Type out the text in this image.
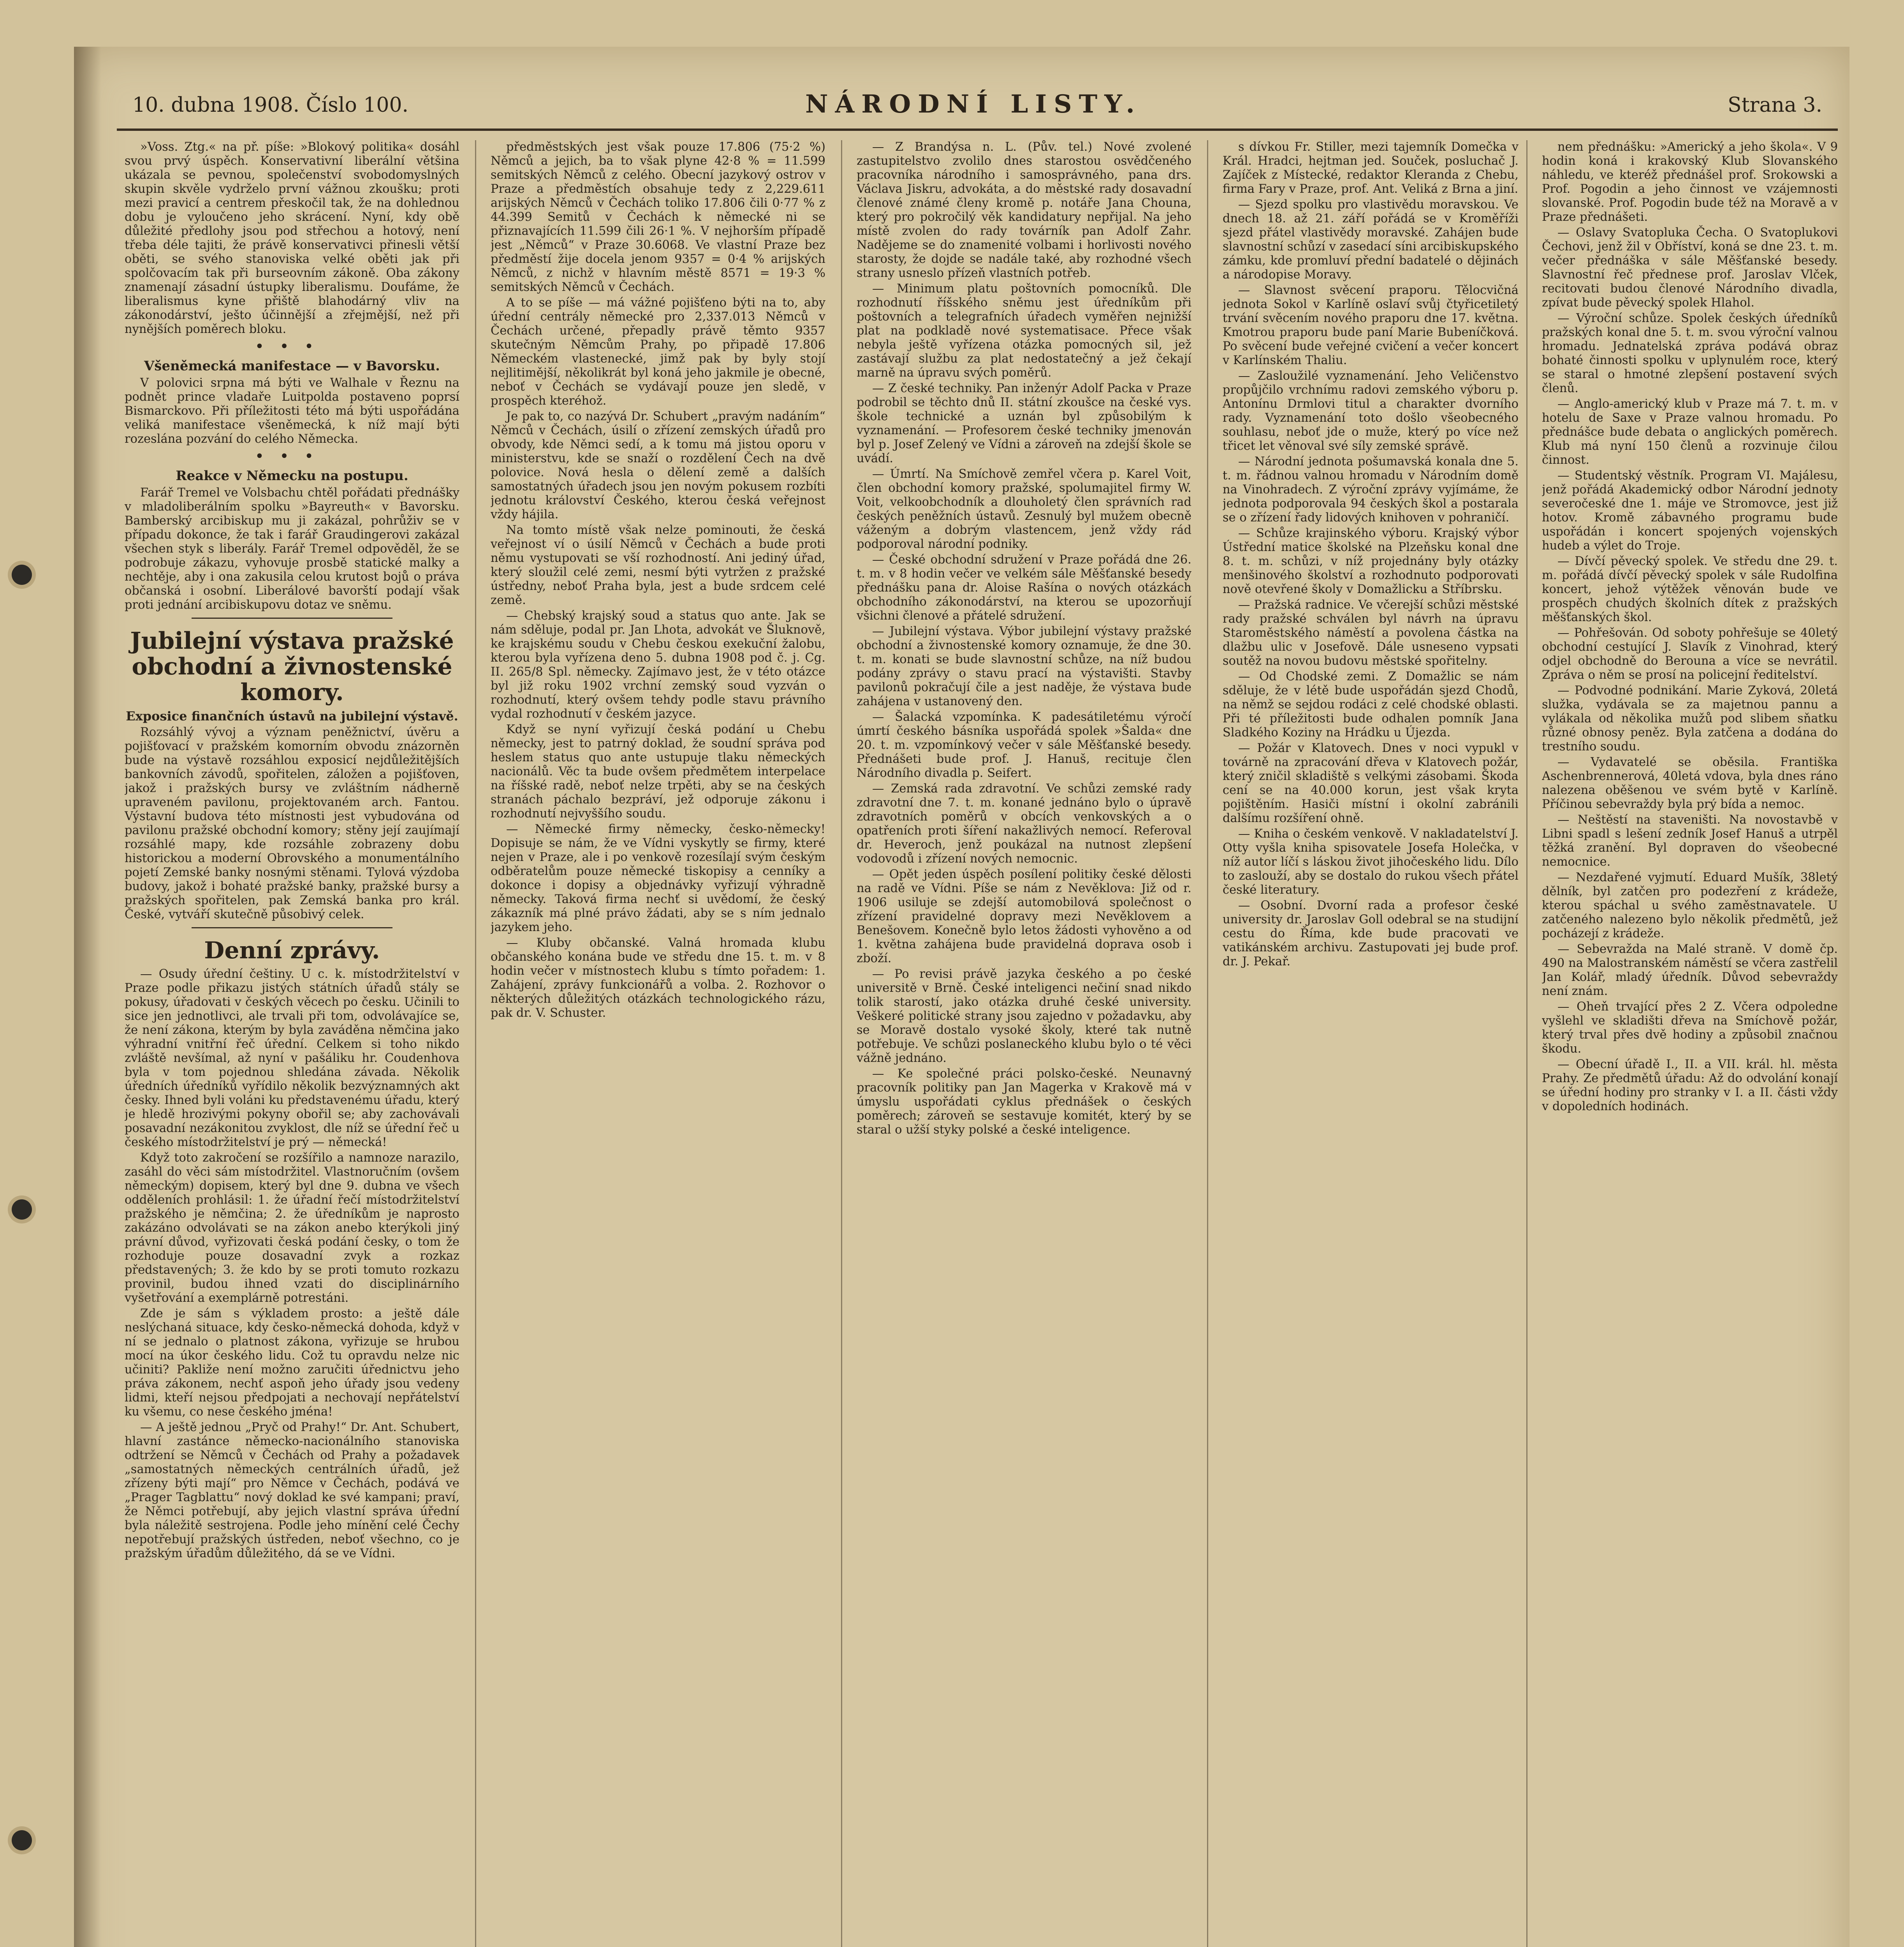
10. dubna 1908. Číslo 100.	NÁRODNÍ LISTY.	Strana 3.

»Voss. Ztg.« na př. píše: »Blokový politika« dosáhl svou prvý úspěch. Konservativní liberální většina ukázala se pevnou, společenství svobodomyslných skupin skvěle vydrželo první vážnou zkoušku; proti mezi pravicí a centrem přeskočil tak, že na dohlednou dobu je vyloučeno jeho skrácení. Nyní, kdy obě důležité předlohy jsou pod střechou a hotový, není třeba déle tajiti, že právě konservativci přinesli větší oběti, se svého stanoviska velké oběti jak při spolčovacím tak při burseovním zákoně. Oba zákony znamenají zásadní ústupky liberalismu. Doufáme, že liberalismus kyne přiště blahodárný vliv na zákonodárství, ješto účinnější a zřejmější, než při nynějších poměrech bloku.

•••
Všeněmecká manifestace — v Bavorsku.

V polovici srpna má býti ve Walhale v Řeznu na podnět prince vladaře Luitpolda postaveno poprsí Bismarckovo. Při příležitosti této má býti uspořádána veliká manifestace všeněmecká, k níž mají býti rozeslána pozvání do celého Německa.

•••
Reakce v Německu na postupu.

Farář Tremel ve Volsbachu chtěl pořádati přednášky v mladoliberálním spolku »Bayreuth« v Bavorsku. Bamberský arcibiskup mu ji zakázal, pohrůživ se v případu dokonce, že tak i farář Graudingerovi zakázal všechen styk s liberály. Farář Tremel odpověděl, že se podrobuje zákazu, vyhovuje prosbě statické malky a nechtěje, aby i ona zakusila celou krutost bojů o práva občanská i osobní. Liberálové bavorští podají však proti jednání arcibiskupovu dotaz ve sněmu.

Jubilejní výstava pražské obchodní a živnostenské komory.
Exposice finančních ústavů na jubilejní výstavě.

Rozsáhlý vývoj a význam peněžnictví, úvěru a pojišťovací v pražském komorním obvodu znázorněn bude na výstavě rozsáhlou exposicí nejdůležitějších bankovních závodů, spořitelen, záložen a pojišťoven, jakož i pražských bursy ve zvláštním nádherně upraveném pavilonu, projektovaném arch. Fantou. Výstavní budova této místnosti jest vybudována od pavilonu pražské obchodní komory; stěny její zaujímají rozsáhlé mapy, kde rozsáhle zobrazeny dobu historickou a moderní Obrovského a monumentálního pojetí Zemské banky nosnými stěnami. Tylová výzdoba budovy, jakož i bohaté pražské banky, pražské bursy a pražských spořitelen, pak Zemská banka pro král. České, vytváří skutečně působivý celek.

Denní zprávy.

— Osudy úřední češtiny. U c. k. místodržitelství v Praze podle přikazu jistých státních úřadů stály se pokusy, úřadovati v českých věcech po česku. Učinili to sice jen jednotlivci, ale trvali při tom, odvolávajíce se, že není zákona, kterým by byla zaváděna němčina jako výhradní vnitřní řeč úřední. Celkem si toho nikdo zvláště nevšímal, až nyní v pašáliku hr. Coudenhova byla v tom pojednou shledána závada. Několik úředních úředníků vyřídilo několik bezvýznamných akt česky. Ihned byli voláni ku představenému úřadu, který je hledě hrozivými pokyny obořil se; aby zachovávali posavadní nezákonitou zvyklost, dle níž se úřední řeč u českého místodržitelství je prý — německá!

Když toto zakročení se rozšířilo a namnoze narazilo, zasáhl do věci sám místodržitel. Vlastnoručním (ovšem německým) dopisem, který byl dne 9. dubna ve všech odděleních prohlásil: 1. že úřadní řečí místodržitelství pražského je němčina; 2. že úředníkům je naprosto zakázáno odvolávati se na zákon anebo kterýkoli jiný právní důvod, vyřizovati česká podání česky, o tom že rozhoduje pouze dosavadní zvyk a rozkaz představených; 3. že kdo by se proti tomuto rozkazu provinil, budou ihned vzati do disciplinárního vyšetřování a exemplárně potrestáni.

Zde je sám s výkladem prosto: a ještě dále neslýchaná situace, kdy česko-německá dohoda, když v ní se jednalo o platnost zákona, vyřizuje se hrubou mocí na úkor českého lidu. Což tu opravdu nelze nic učiniti? Pakliže není možno zaručiti úřednictvu jeho práva zákonem, nechť aspoň jeho úřady jsou vedeny lidmi, kteří nejsou předpojati a nechovají nepřátelství ku všemu, co nese českého jména!

— A ještě jednou „Pryč od Prahy!“ Dr. Ant. Schubert, hlavní zastánce německo-nacionálního stanoviska odtržení se Němců v Čechách od Prahy a požadavek „samostatných německých centrálních úřadů, jež zřízeny býti mají“ pro Němce v Čechách, podává ve „Prager Tagblattu“ nový doklad ke své kampani; praví, že Němci potřebují, aby jejich vlastní správa úřední byla náležitě sestrojena. Podle jeho mínění celé Čechy nepotřebují pražských ústředen, neboť všechno, co je pražským úřadům důležitého, dá se ve Vídni.

předměstských jest však pouze 17.806 (75·2 %) Němců a jejich, ba to však plyne 42·8 % = 11.599 semitských Němců z celého. Obecní jazykový ostrov v Praze a předměstích obsahuje tedy z 2,229.611 arijských Němců v Čechách toliko 17.806 čili 0·77 % z 44.399 Semitů v Čechách k německé ni se přiznavajících 11.599 čili 26·1 %. V nejhorším případě jest „Němců“ v Praze 30.6068. Ve vlastní Praze bez předměstí žije docela jenom 9357 = 0·4 % arijských Němců, z nichž v hlavním městě 8571 = 19·3 % semitských Němců v Čechách.

A to se píše — má vážné pojišťeno býti na to, aby úřední centrály německé pro 2,337.013 Němců v Čechách určené, přepadly právě těmto 9357 skutečným Němcům Prahy, po připadě 17.806 Německém vlastenecké, jimž pak by byly stojí nejlitimější, několikrát byl koná jeho jakmile je obecné, neboť v Čechách se vydávají pouze jen sledě, v prospěch kteréhož.

Je pak to, co nazývá Dr. Schubert „pravým nadáním“ Němců v Čechách, úsilí o zřízení zemských úřadů pro obvody, kde Němci sedí, a k tomu má jistou oporu v ministerstvu, kde se snaží o rozdělení Čech na dvě polovice. Nová hesla o dělení země a dalších samostatných úřadech jsou jen novým pokusem rozbíti jednotu království Českého, kterou česká veřejnost vždy hájila.

Na tomto místě však nelze pominouti, že česká veřejnost ví o úsilí Němců v Čechách a bude proti němu vystupovati se vší rozhodností. Ani jediný úřad, který sloužil celé zemi, nesmí býti vytržen z pražské ústředny, neboť Praha byla, jest a bude srdcem celé země.

— Chebský krajský soud a status quo ante. Jak se nám sděluje, podal pr. Jan Lhota, advokát ve Šluknově, ke krajskému soudu v Chebu českou exekuční žalobu, kterou byla vyřízena deno 5. dubna 1908 pod č. j. Cg. II. 265/8 Spl. německy. Zajímavo jest, že v této otázce byl již roku 1902 vrchní zemský soud vyzván o rozhodnutí, který ovšem tehdy podle stavu právního vydal rozhodnutí v českém jazyce.

Když se nyní vyřizují česká podání u Chebu německy, jest to patrný doklad, že soudní správa pod heslem status quo ante ustupuje tlaku německých nacionálů. Věc ta bude ovšem předmětem interpelace na říšské radě, neboť nelze trpěti, aby se na českých stranách páchalo bezpráví, jež odporuje zákonu i rozhodnutí nejvyššího soudu.

— Německé firmy německy, česko-německy! Dopisuje se nám, že ve Vídni vyskytly se firmy, které nejen v Praze, ale i po venkově rozesílají svým českým odběratelům pouze německé tiskopisy a cenníky a dokonce i dopisy a objednávky vyřizují výhradně německy. Taková firma nechť si uvědomí, že český zákazník má plné právo žádati, aby se s ním jednalo jazykem jeho.

— Kluby občanské. Valná hromada klubu občanského konána bude ve středu dne 15. t. m. v 8 hodin večer v místnostech klubu s tímto pořadem: 1. Zahájení, zprávy funkcionářů a volba. 2. Rozhovor o některých důležitých otázkách technologického rázu, pak dr. V. Schuster.

— Z Brandýsa n. L. (Pův. tel.) Nové zvolené zastupitelstvo zvolilo dnes starostou osvědčeného pracovníka národního i samosprávného, pana drs. Václava Jiskru, advokáta, a do městské rady dosavadní členové známé členy kromě p. notáře Jana Chouna, který pro pokročilý věk kandidatury nepřijal. Na jeho místě zvolen do rady továrník pan Adolf Zahr. Nadějeme se do znamenité volbami i horlivosti nového starosty, že dojde se nadále také, aby rozhodné všech strany usneslo přízeň vlastních potřeb.

— Minimum platu poštovních pomocníků. Dle rozhodnutí říšského sněmu jest úředníkům při poštovních a telegrafních úřadech vyměřen nejnižší plat na podkladě nové systematisace. Přece však nebyla ještě vyřízena otázka pomocných sil, jež zastávají službu za plat nedostatečný a jež čekají marně na úpravu svých poměrů.

— Z české techniky. Pan inženýr Adolf Packa v Praze podrobil se těchto dnů II. státní zkoušce na české vys. škole technické a uznán byl způsobilým k vyznamenání. — Profesorem české techniky jmenován byl p. Josef Zelený ve Vídni a zároveň na zdejší škole se uvádí.

— Úmrtí. Na Smíchově zemřel včera p. Karel Voit, člen obchodní komory pražské, spolumajitel firmy W. Voit, velkoobchodník a dlouholetý člen správních rad českých peněžních ústavů. Zesnulý byl mužem obecně váženým a dobrým vlastencem, jenž vždy rád podporoval národní podniky.

— České obchodní sdružení v Praze pořádá dne 26. t. m. v 8 hodin večer ve velkém sále Měšťanské besedy přednášku pana dr. Aloise Rašína o nových otázkách obchodního zákonodárství, na kterou se upozorňují všichni členové a přátelé sdružení.

— Jubilejní výstava. Výbor jubilejní výstavy pražské obchodní a živnostenské komory oznamuje, že dne 30. t. m. konati se bude slavnostní schůze, na níž budou podány zprávy o stavu prací na výstavišti. Stavby pavilonů pokračují čile a jest naděje, že výstava bude zahájena v ustanovený den.

— Šalacká vzpomínka. K padesátiletému výročí úmrtí českého básníka uspořádá spolek »Šalda« dne 20. t. m. vzpomínkový večer v sále Měšťanské besedy. Přednášeti bude prof. J. Hanuš, recituje člen Národního divadla p. Seifert.

— Zemská rada zdravotní. Ve schůzi zemské rady zdravotní dne 7. t. m. konané jednáno bylo o úpravě zdravotních poměrů v obcích venkovských a o opatřeních proti šíření nakažlivých nemocí. Referoval dr. Heveroch, jenž poukázal na nutnost zlepšení vodovodů i zřízení nových nemocnic.

— Opět jeden úspěch posílení politiky české dělosti na radě ve Vídni. Píše se nám z Nevěklova: Již od r. 1906 usiluje se zdejší automobilová společnost o zřízení pravidelné dopravy mezi Nevěklovem a Benešovem. Konečně bylo letos žádosti vyhověno a od 1. května zahájena bude pravidelná doprava osob i zboží.

— Po revisi právě jazyka českého a po české universitě v Brně. České inteligenci nečiní snad nikdo tolik starostí, jako otázka druhé české university. Veškeré politické strany jsou zajedno v požadavku, aby se Moravě dostalo vysoké školy, které tak nutně potřebuje. Ve schůzi poslaneckého klubu bylo o té věci vážně jednáno.

— Ke společné práci polsko-české. Neunavný pracovník politiky pan Jan Magerka v Krakově má v úmyslu uspořádati cyklus přednášek o českých poměrech; zároveň se sestavuje komitét, který by se staral o užší styky polské a české inteligence.

s dívkou Fr. Stiller, mezi tajemník Domečka v Král. Hradci, hejtman jed. Souček, posluchač J. Zajíček z Místecké, redaktor Kleranda z Chebu, firma Fary v Praze, prof. Ant. Veliká z Brna a jiní.

— Sjezd spolku pro vlastivědu moravskou. Ve dnech 18. až 21. září pořádá se v Kroměříži sjezd přátel vlastivědy moravské. Zahájen bude slavnostní schůzí v zasedací síni arcibiskupského zámku, kde promluví přední badatelé o dějinách a národopise Moravy.

— Slavnost svěcení praporu. Tělocvičná jednota Sokol v Karlíně oslaví svůj čtyřicetiletý trvání svěcením nového praporu dne 17. května. Kmotrou praporu bude paní Marie Bubeníčková. Po svěcení bude veřejné cvičení a večer koncert v Karlínském Thaliu.

— Zasloužilé vyznamenání. Jeho Veličenstvo propůjčilo vrchnímu radovi zemského výboru p. Antonínu Drmlovi titul a charakter dvorního rady. Vyznamenání toto došlo všeobecného souhlasu, neboť jde o muže, který po více než třicet let věnoval své síly zemské správě.

— Národní jednota pošumavská konala dne 5. t. m. řádnou valnou hromadu v Národním domě na Vinohradech. Z výroční zprávy vyjímáme, že jednota podporovala 94 českých škol a postarala se o zřízení řady lidových knihoven v pohraničí.

— Schůze krajinského výboru. Krajský výbor Ústřední matice školské na Plzeňsku konal dne 8. t. m. schůzi, v níž projednány byly otázky menšinového školství a rozhodnuto podporovati nově otevřené školy v Domažlicku a Stříbrsku.

— Pražská radnice. Ve včerejší schůzi městské rady pražské schválen byl návrh na úpravu Staroměstského náměstí a povolena částka na dlažbu ulic v Josefově. Dále usneseno vypsati soutěž na novou budovu městské spořitelny.

— Od Chodské zemi. Z Domažlic se nám sděluje, že v létě bude uspořádán sjezd Chodů, na němž se sejdou rodáci z celé chodské oblasti. Při té příležitosti bude odhalen pomník Jana Sladkého Koziny na Hrádku u Újezda.

— Požár v Klatovech. Dnes v noci vypukl v továrně na zpracování dřeva v Klatovech požár, který zničil skladiště s velkými zásobami. Škoda cení se na 40.000 korun, jest však kryta pojištěním. Hasiči místní i okolní zabránili dalšímu rozšíření ohně.

— Kniha o českém venkově. V nakladatelství J. Otty vyšla kniha spisovatele Josefa Holečka, v níž autor líčí s láskou život jihočeského lidu. Dílo to zaslouží, aby se dostalo do rukou všech přátel české literatury.

— Osobní. Dvorní rada a profesor české university dr. Jaroslav Goll odebral se na studijní cestu do Říma, kde bude pracovati ve vatikánském archivu. Zastupovati jej bude prof. dr. J. Pekař.

nem přednášku: »Americký a jeho škola«. V 9 hodin koná i krakovský Klub Slovanského náhledu, ve kteréž přednášel prof. Srokowski a Prof. Pogodin a jeho činnost ve vzájemnosti slovanské. Prof. Pogodin bude též na Moravě a v Praze přednášeti.

— Oslavy Svatopluka Čecha. O Svatoplukovi Čechovi, jenž žil v Obříství, koná se dne 23. t. m. večer přednáška v sále Měšťanské besedy. Slavnostní řeč přednese prof. Jaroslav Vlček, recitovati budou členové Národního divadla, zpívat bude pěvecký spolek Hlahol.

— Výroční schůze. Spolek českých úředníků pražských konal dne 5. t. m. svou výroční valnou hromadu. Jednatelská zpráva podává obraz bohaté činnosti spolku v uplynulém roce, který se staral o hmotné zlepšení postavení svých členů.

— Anglo-americký klub v Praze má 7. t. m. v hotelu de Saxe v Praze valnou hromadu. Po přednášce bude debata o anglických poměrech. Klub má nyní 150 členů a rozvinuje čilou činnost.

— Studentský věstník. Program VI. Majálesu, jenž pořádá Akademický odbor Národní jednoty severočeské dne 1. máje ve Stromovce, jest již hotov. Kromě zábavného programu bude uspořádán i koncert spojených vojenských hudeb a výlet do Troje.

— Dívčí pěvecký spolek. Ve středu dne 29. t. m. pořádá dívčí pěvecký spolek v sále Rudolfina koncert, jehož výtěžek věnován bude ve prospěch chudých školních dítek z pražských měšťanských škol.

— Pohřešován. Od soboty pohřešuje se 40letý obchodní cestující J. Slavík z Vinohrad, který odjel obchodně do Berouna a více se nevrátil. Zpráva o něm se prosí na policejní ředitelství.

— Podvodné podnikání. Marie Zyková, 20letá služka, vydávala se za majetnou pannu a vylákala od několika mužů pod slibem sňatku různé obnosy peněz. Byla zatčena a dodána do trestního soudu.

— Vydavatelé se oběsila. Františka Aschenbrennerová, 40letá vdova, byla dnes ráno nalezena oběšenou ve svém bytě v Karlíně. Příčinou sebevraždy byla prý bída a nemoc.

— Neštěstí na staveništi. Na novostavbě v Libni spadl s lešení zedník Josef Hanuš a utrpěl těžká zranění. Byl dopraven do všeobecné nemocnice.

— Nezdařené vyjmutí. Eduard Mušík, 38letý dělník, byl zatčen pro podezření z krádeže, kterou spáchal u svého zaměstnavatele. U zatčeného nalezeno bylo několik předmětů, jež pocházejí z krádeže.

— Sebevražda na Malé straně. V domě čp. 490 na Malostranském náměstí se včera zastřelil Jan Kolář, mladý úředník. Důvod sebevraždy není znám.

— Oheň trvající přes 2 Z. Včera odpoledne vyšlehl ve skladišti dřeva na Smíchově požár, který trval přes dvě hodiny a způsobil značnou škodu.

— Obecní úřadě I., II. a VII. král. hl. města Prahy. Ze předmětů úřadu: Až do odvolání konají se úřední hodiny pro stranky v I. a II. části vždy v dopoledních hodinách.
